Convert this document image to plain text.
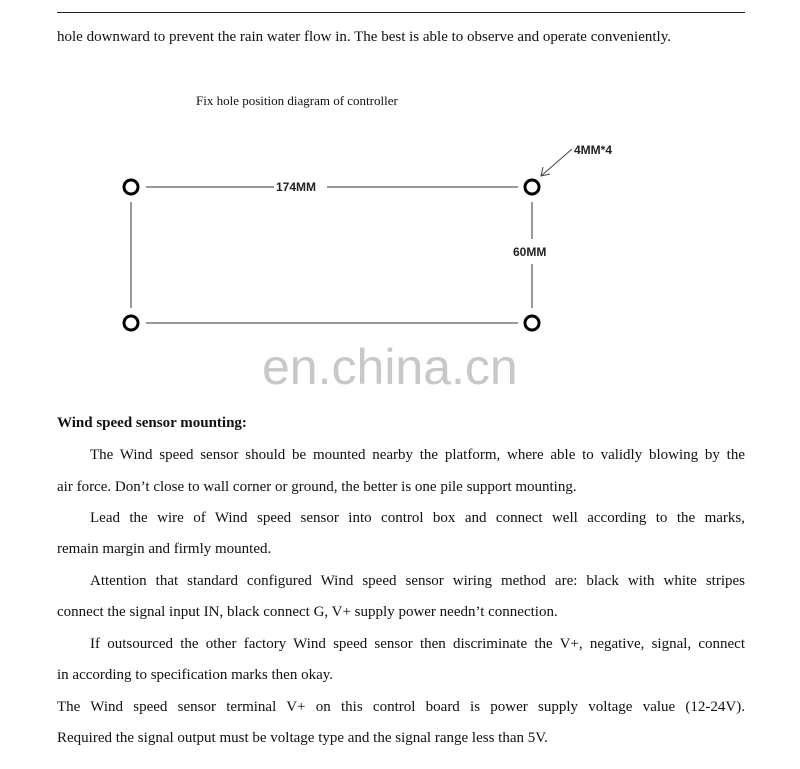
hole downward to prevent the rain water flow in. The best is able to observe and operate conveniently.
Fix hole position diagram of controller
174MM
60MM
4MM*4
en.china.cn
Wind speed sensor mounting:
The Wind speed sensor should be mounted nearby the platform, where able to validly blowing by the
air force. Don’t close to wall corner or ground, the better is one pile support mounting.
Lead the wire of Wind speed sensor into control box and connect well according to the marks,
remain margin and firmly mounted.
Attention that standard configured Wind speed sensor wiring method are: black with white stripes
connect the signal input IN, black connect G, V+ supply power needn’t connection.
If outsourced the other factory Wind speed sensor then discriminate the V+, negative, signal, connect
in according to specification marks then okay.
The Wind speed sensor terminal V+ on this control board is power supply voltage value (12-24V).
Required the signal output must be voltage type and the signal range less than 5V.
